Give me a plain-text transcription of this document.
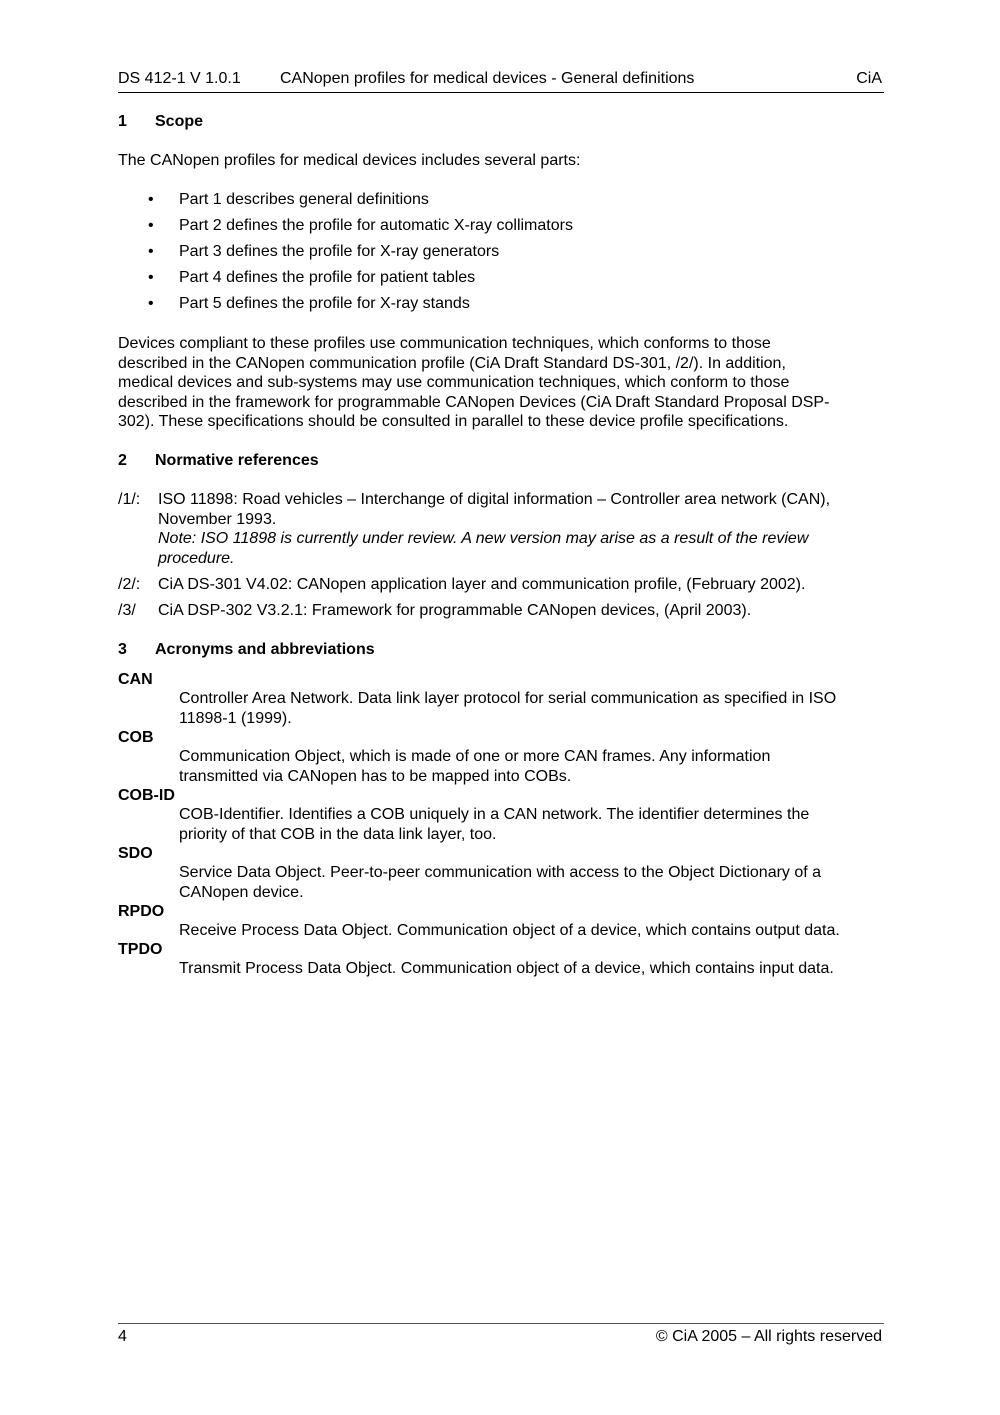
DS 412-1 V 1.0.1 CANopen profiles for medical devices - General definitions	CiA
1 Scope
The CANopen profiles for medical devices includes several parts:
• Part 1 describes general definitions
• Part 2 defines the profile for automatic X-ray collimators
• Part 3 defines the profile for X-ray generators
• Part 4 defines the profile for patient tables
• Part 5 defines the profile for X-ray stands
Devices compliant to these profiles use communication techniques, which conforms to those
described in the CANopen communication profile (CiA Draft Standard DS-301, /2/). In addition,
medical devices and sub-systems may use communication techniques, which conform to those
described in the framework for programmable CANopen Devices (CiA Draft Standard Proposal DSP-
302). These specifications should be consulted in parallel to these device profile specifications.
2 Normative references
/1/: ISO 11898: Road vehicles – Interchange of digital information – Controller area network (CAN),
November 1993.
Note: ISO 11898 is currently under review. A new version may arise as a result of the review
procedure.
/2/: CiA DS-301 V4.02: CANopen application layer and communication profile, (February 2002).
/3/ CiA DSP-302 V3.2.1: Framework for programmable CANopen devices, (April 2003).
3 Acronyms and abbreviations
CAN
Controller Area Network. Data link layer protocol for serial communication as specified in ISO
11898-1 (1999).
COB
Communication Object, which is made of one or more CAN frames. Any information
transmitted via CANopen has to be mapped into COBs.
COB-ID
COB-Identifier. Identifies a COB uniquely in a CAN network. The identifier determines the
priority of that COB in the data link layer, too.
SDO
Service Data Object. Peer-to-peer communication with access to the Object Dictionary of a
CANopen device.
RPDO
Receive Process Data Object. Communication object of a device, which contains output data.
TPDO
Transmit Process Data Object. Communication object of a device, which contains input data.
4	© CiA 2005 – All rights reserved
